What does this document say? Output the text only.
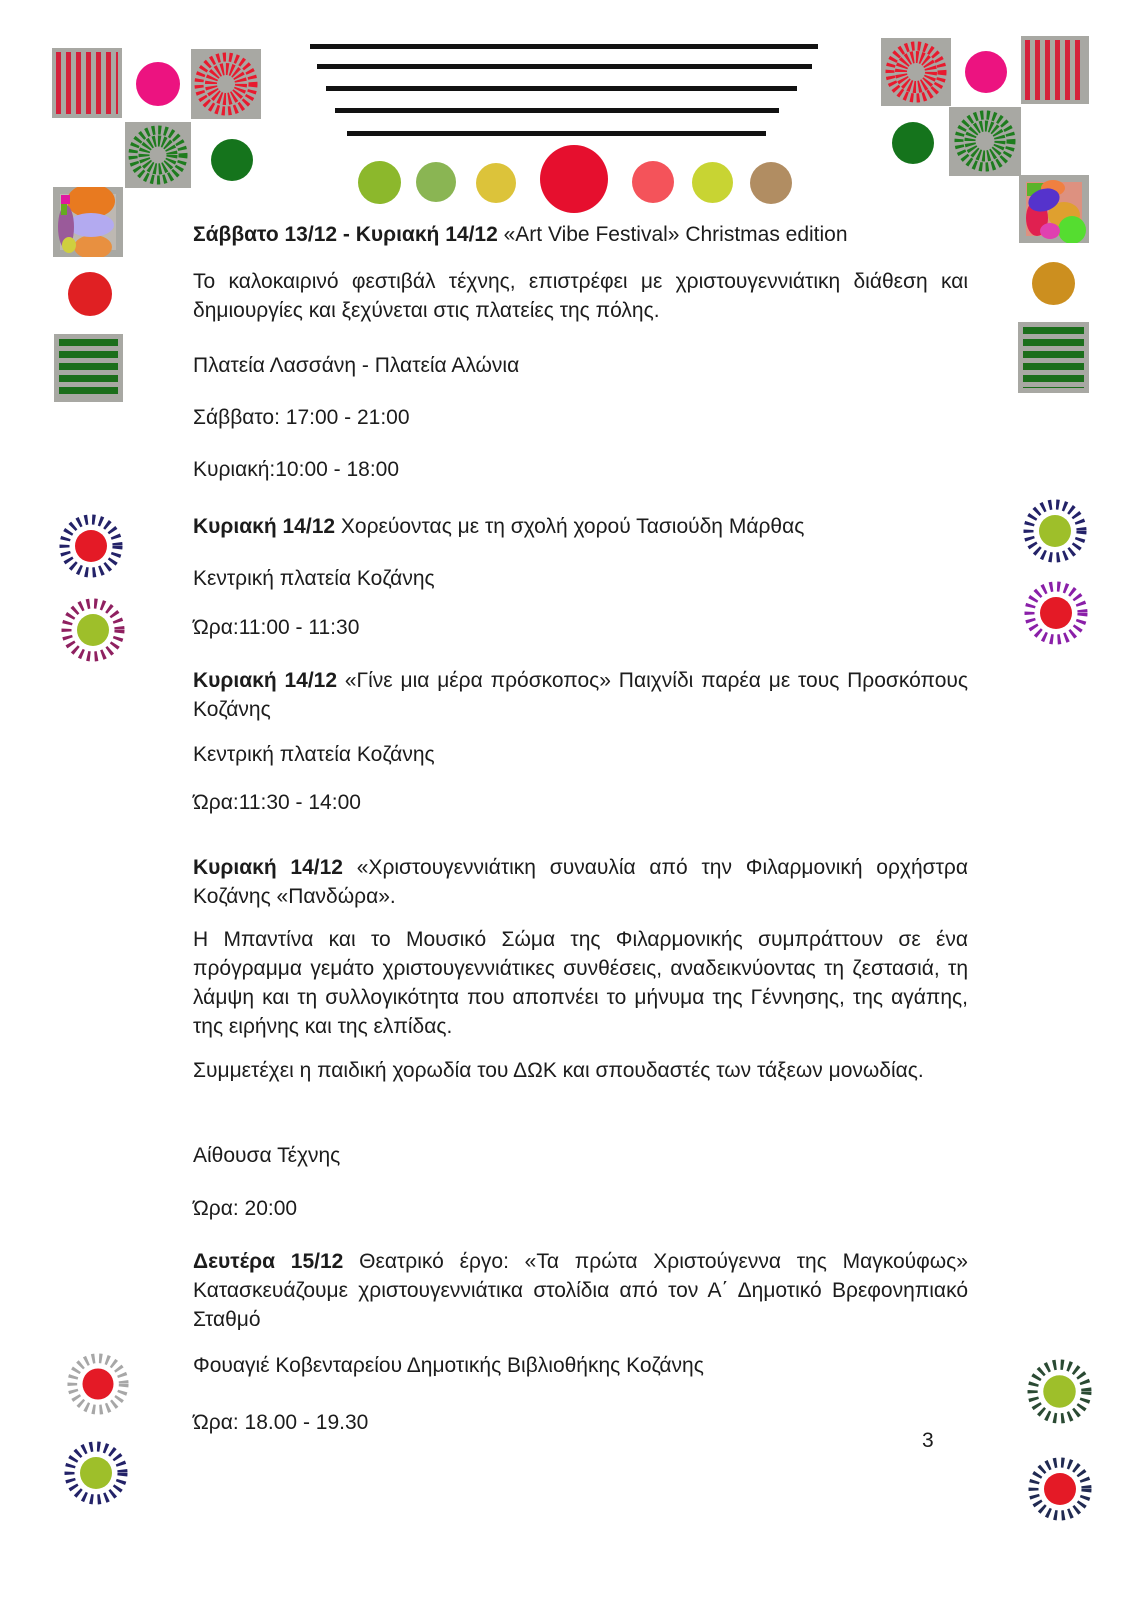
Σάββατο 13/12 - Κυριακή 14/12 «Art Vibe Festival» Christmas edition

Το καλοκαιρινό φεστιβάλ τέχνης, επιστρέφει με χριστουγεννιάτικη διάθεση και δημιουργίες και ξεχύνεται στις πλατείες της πόλης.

Πλατεία Λασσάνη - Πλατεία Αλώνια

Σάββατο: 17:00 - 21:00

Κυριακή:10:00 - 18:00

Κυριακή 14/12 Χορεύοντας με τη σχολή χορού Τασιούδη Μάρθας

Κεντρική πλατεία Κοζάνης

Ώρα:11:00 - 11:30

Κυριακή 14/12 «Γίνε μια μέρα πρόσκοπος» Παιχνίδι παρέα με τους Προσκόπους Κοζάνης

Κεντρική πλατεία Κοζάνης

Ώρα:11:30 - 14:00

Κυριακή 14/12 «Χριστουγεννιάτικη συναυλία από την Φιλαρμονική ορχήστρα Κοζάνης «Πανδώρα».

Η Μπαντίνα και το Μουσικό Σώμα της Φιλαρμονικής συμπράττουν σε ένα πρόγραμμα γεμάτο χριστουγεννιάτικες συνθέσεις, αναδεικνύοντας τη ζεστασιά, τη λάμψη και τη συλλογικότητα που αποπνέει το μήνυμα της Γέννησης, της αγάπης, της ειρήνης και της ελπίδας.

Συμμετέχει η παιδική χορωδία του ΔΩΚ και σπουδαστές των τάξεων μονωδίας.

Αίθουσα Τέχνης

Ώρα: 20:00

Δευτέρα 15/12 Θεατρικό έργο: «Τα πρώτα Χριστούγεννα της Μαγκούφως» Κατασκευάζουμε χριστουγεννιάτικα στολίδια από τον Α΄ Δημοτικό Βρεφονηπιακό Σταθμό

Φουαγιέ Κοβενταρείου Δημοτικής Βιβλιοθήκης Κοζάνης

Ώρα: 18.00 - 19.30

3
